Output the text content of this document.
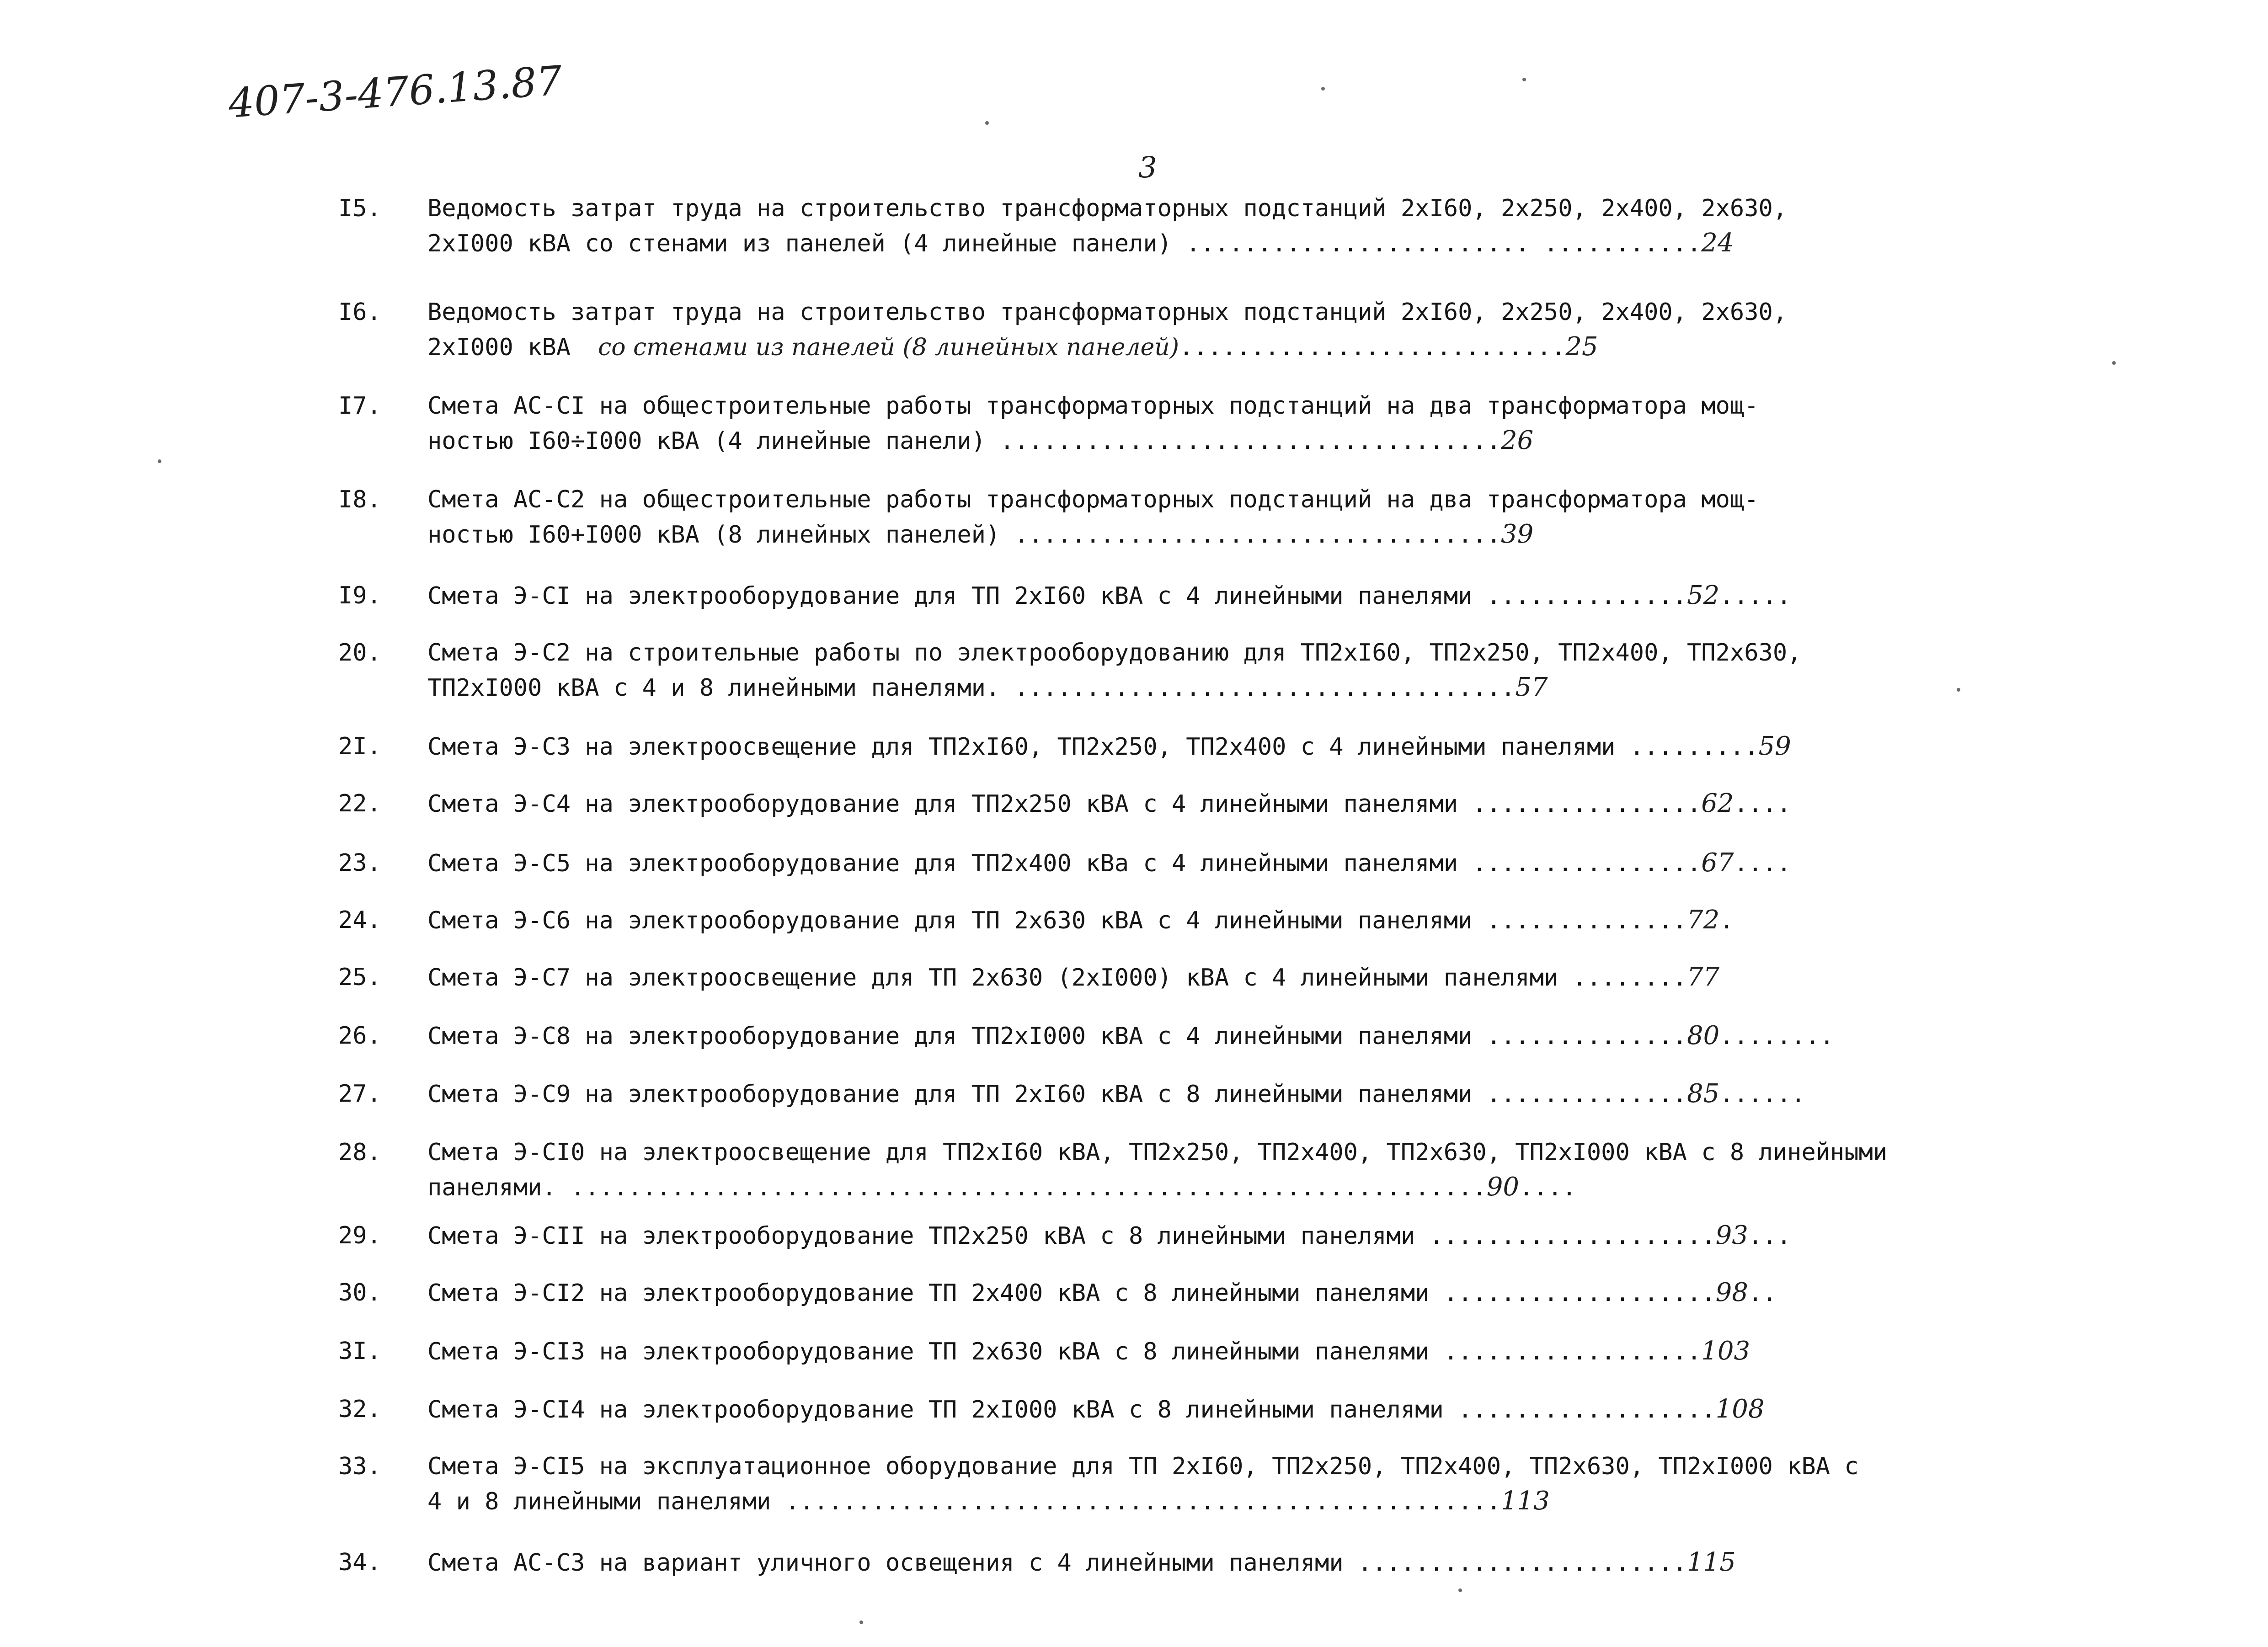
407-3-476.13.87
3
I5. Ведомость затрат труда на строительство трансформаторных подстанций 2хI60, 2х250, 2х400, 2х630,
2хI000 кВА со стенами из панелей (4 линейные панели) ........................ ...........24
I6. Ведомость затрат труда на строительство трансформаторных подстанций 2хI60, 2х250, 2х400, 2х630,
2хI000 кВА со стенами из панелей (8 линейных панелей)...........................25
I7. Смета АС-СI на общестроительные работы трансформаторных подстанций на два трансформатора мощ-
ностью I60÷I000 кВА (4 линейные панели) ...................................26
I8. Смета АС-С2 на общестроительные работы трансформаторных подстанций на два трансформатора мощ-
ностью I60+I000 кВА (8 линейных панелей) ..................................39
I9. Смета Э-СI на электрооборудование для ТП 2хI60 кВА с 4 линейными панелями ..............52.....
20. Смета Э-С2 на строительные работы по электрооборудованию для ТП2хI60, ТП2х250, ТП2х400, ТП2х630,
ТП2хI000 кВА с 4 и 8 линейными панелями. ...................................57
2I. Смета Э-С3 на электроосвещение для ТП2хI60, ТП2х250, ТП2х400 с 4 линейными панелями .........59
22. Смета Э-С4 на электрооборудование для ТП2х250 кВА с 4 линейными панелями ................62....
23. Смета Э-С5 на электрооборудование для ТП2х400 кВа с 4 линейными панелями ................67....
24. Смета Э-С6 на электрооборудование для ТП 2х630 кВА с 4 линейными панелями ..............72.
25. Смета Э-С7 на электроосвещение для ТП 2х630 (2хI000) кВА с 4 линейными панелями ........77
26. Смета Э-С8 на электрооборудование для ТП2хI000 кВА с 4 линейными панелями ..............80........
27. Смета Э-С9 на электрооборудование для ТП 2хI60 кВА с 8 линейными панелями ..............85......
28. Смета Э-СI0 на электроосвещение для ТП2хI60 кВА, ТП2х250, ТП2х400, ТП2х630, ТП2хI000 кВА с 8 линейными
панелями. ................................................................90....
29. Смета Э-СII на электрооборудование ТП2х250 кВА с 8 линейными панелями ....................93...
30. Смета Э-СI2 на электрооборудование ТП 2х400 кВА с 8 линейными панелями ...................98..
3I. Смета Э-СI3 на электрооборудование ТП 2х630 кВА с 8 линейными панелями ..................103
32. Смета Э-СI4 на электрооборудование ТП 2хI000 кВА с 8 линейными панелями ..................108
33. Смета Э-СI5 на эксплуатационное оборудование для ТП 2хI60, ТП2х250, ТП2х400, ТП2х630, ТП2хI000 кВА с
4 и 8 линейными панелями ..................................................113
34. Смета АС-С3 на вариант уличного освещения с 4 линейными панелями .......................115
